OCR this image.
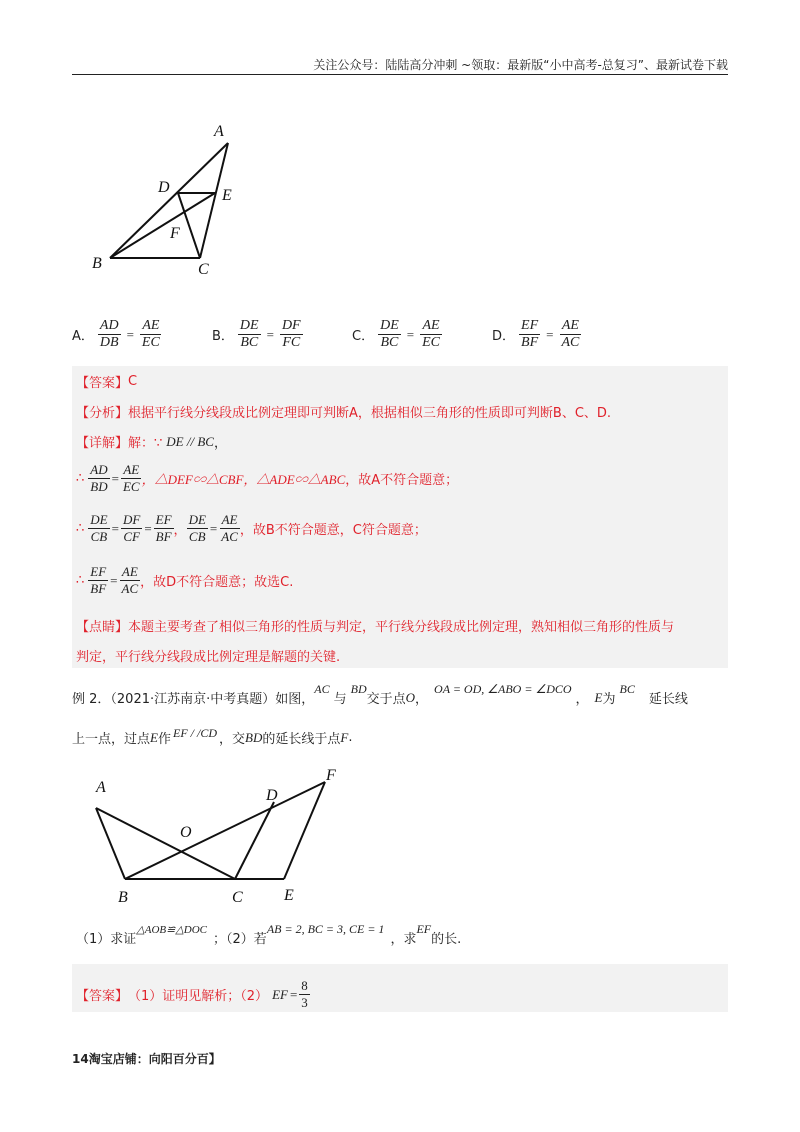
关注公众号：陆陆高分冲刺 ~领取：最新版“小中高考-总复习”、最新试卷下载
A
D	E
F
B	C
A． $\frac{AD}{DB} = \frac{AE}{EC}$	B． $\frac{DE}{BC} = \frac{DF}{FC}$	C． $\frac{DE}{BC} = \frac{AE}{EC}$	D． $\frac{EF}{BF} = \frac{AE}{AC}$
【答案】 C
【分析】 根据平行线分线段成比例定理即可判断A，根据相似三角形的性质即可判断B、C、D.
【详解】 解：∵ DE // BC ，
∴ $\frac{AD}{BD} = \frac{AE}{EC}$ ，△DEF∽△CBF，△ADE∽△ABC ，故A不符合题意；
∴ $\frac{DE}{CB} = \frac{DF}{CF} = \frac{EF}{BF}$ ， $\frac{DE}{CB} = \frac{AE}{AC}$ ，故B不符合题意，C符合题意；
∴ $\frac{EF}{BF} = \frac{AE}{AC}$ ，故D不符合题意；故选C.
【点睛】 本题主要考查了相似三角形的性质与判定，平行线分线段成比例定理，熟知相似三角形的性质与
判定，平行线分线段成比例定理是解题的关键.
例 2．（2021·江苏南京·中考真题）如图，
AC
与
BD
交于点 O ，
OA = OD, ∠ABO = ∠DCO
， E 为
BC
延长线
上一点，过点 E 作 EF / /CD ，交 BD 的延长线于点 F .
A
O
D
F
B	C	E
（1）求证
△AOB≌△DOC
；（2）若
AB = 2, BC = 3, CE = 1
，求
EF
的长.
【答案】 （1）证明见解析；（2） EF = $\frac{8}{3}$
14淘宝店铺：向阳百分百】
